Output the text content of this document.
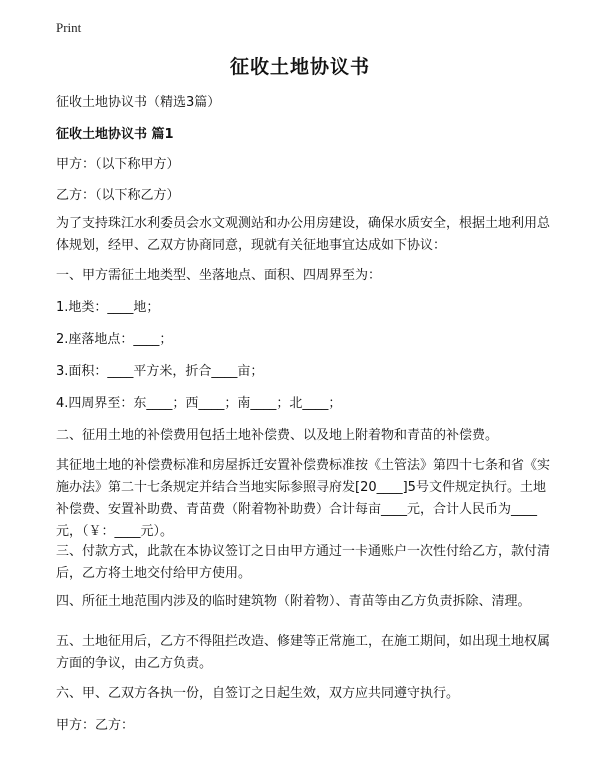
Print
征收土地协议书

征收土地协议书（精选3篇）

征收土地协议书 篇1

甲方：（以下称甲方）

乙方：（以下称乙方）

为了支持珠江水利委员会水文观测站和办公用房建设，确保水质安全，根据土地利用总体规划，经甲、乙双方协商同意，现就有关征地事宜达成如下协议：

一、甲方需征土地类型、坐落地点、面积、四周界至为：

1.地类：____地；

2.座落地点：____；

3.面积：____平方米，折合____亩；

4.四周界至：东____；西____；南____；北____；

二、征用土地的补偿费用包括土地补偿费、以及地上附着物和青苗的补偿费。

其征地土地的补偿费标准和房屋拆迁安置补偿费标准按《土管法》第四十七条和省《实施办法》第二十七条规定并结合当地实际参照寻府发[20____]5号文件规定执行。土地补偿费、安置补助费、青苗费（附着物补助费）合计每亩____元，合计人民币为____元，（￥：____元）。

三、付款方式，此款在本协议签订之日由甲方通过一卡通账户一次性付给乙方，款付清后，乙方将土地交付给甲方使用。

四、所征土地范围内涉及的临时建筑物（附着物）、青苗等由乙方负责拆除、清理。

五、土地征用后，乙方不得阻拦改造、修建等正常施工，在施工期间，如出现土地权属方面的争议，由乙方负责。

六、甲、乙双方各执一份，自签订之日起生效，双方应共同遵守执行。

甲方：乙方：
